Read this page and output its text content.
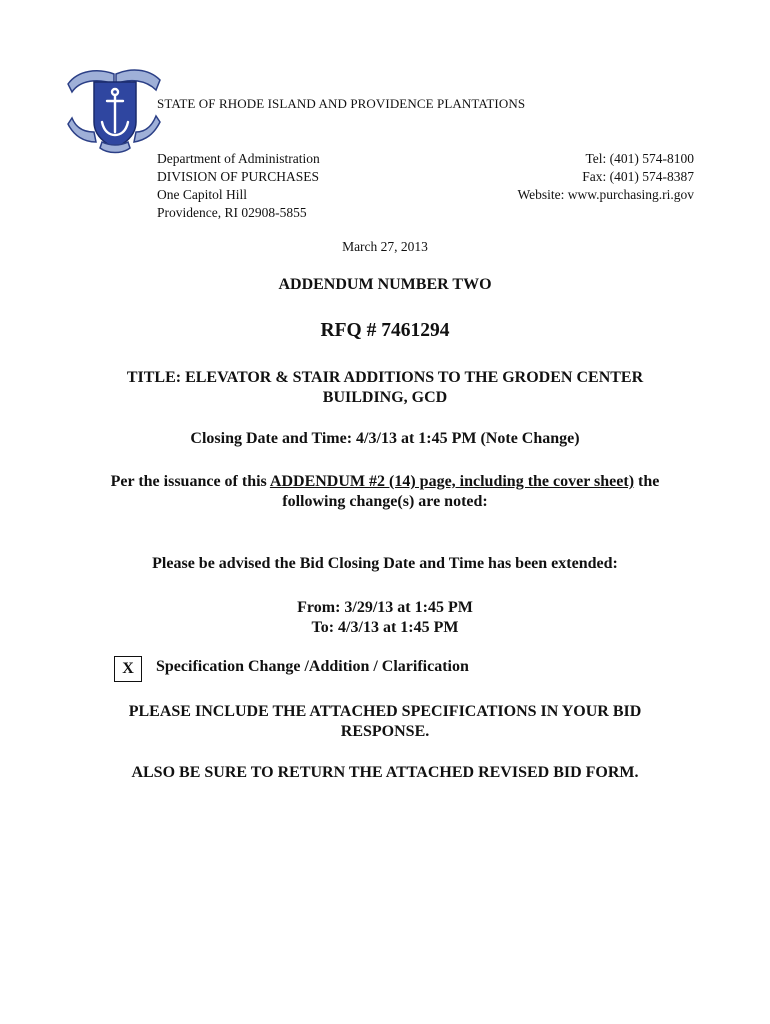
STATE OF RHODE ISLAND AND PROVIDENCE PLANTATIONS
Department of Administration
DIVISION OF PURCHASES
One Capitol Hill
Providence, RI 02908-5855
Tel: (401) 574-8100
Fax: (401) 574-8387
Website: www.purchasing.ri.gov
March 27, 2013
ADDENDUM NUMBER TWO
RFQ # 7461294
TITLE: ELEVATOR & STAIR ADDITIONS TO THE GRODEN CENTER
BUILDING, GCD
Closing Date and Time: 4/3/13 at 1:45 PM (Note Change)
Per the issuance of this ADDENDUM #2 (14) page, including the cover sheet) the
following change(s) are noted:
Please be advised the Bid Closing Date and Time has been extended:
From: 3/29/13 at 1:45 PM
To: 4/3/13 at 1:45 PM
X	Specification Change /Addition / Clarification
PLEASE INCLUDE THE ATTACHED SPECIFICATIONS IN YOUR BID
RESPONSE.
ALSO BE SURE TO RETURN THE ATTACHED REVISED BID FORM.
